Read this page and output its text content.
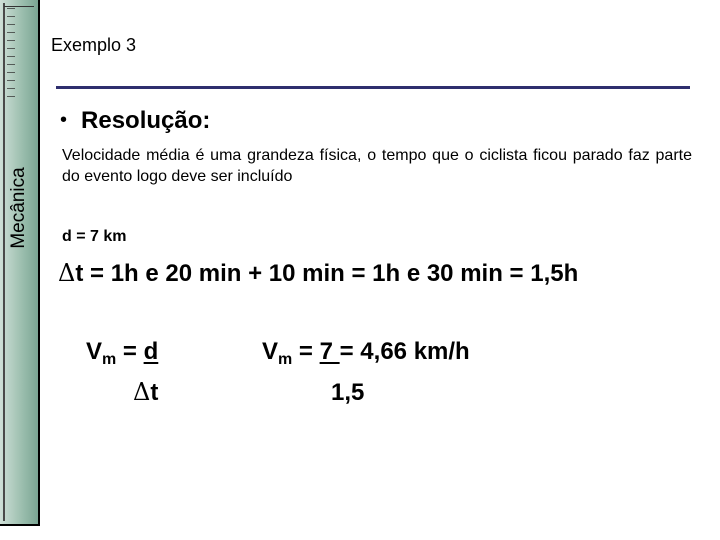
Mecânica
Exemplo 3
• Resolução:
Velocidade média é uma grandeza física, o tempo que o ciclista ficou parado faz parte do evento logo deve ser incluído
d = 7 km
Δt = 1h e 20 min + 10 min = 1h e 30 min = 1,5h
$V_m = d$
Δt
$V_m = 7 = 4,66$ km/h
1,5
